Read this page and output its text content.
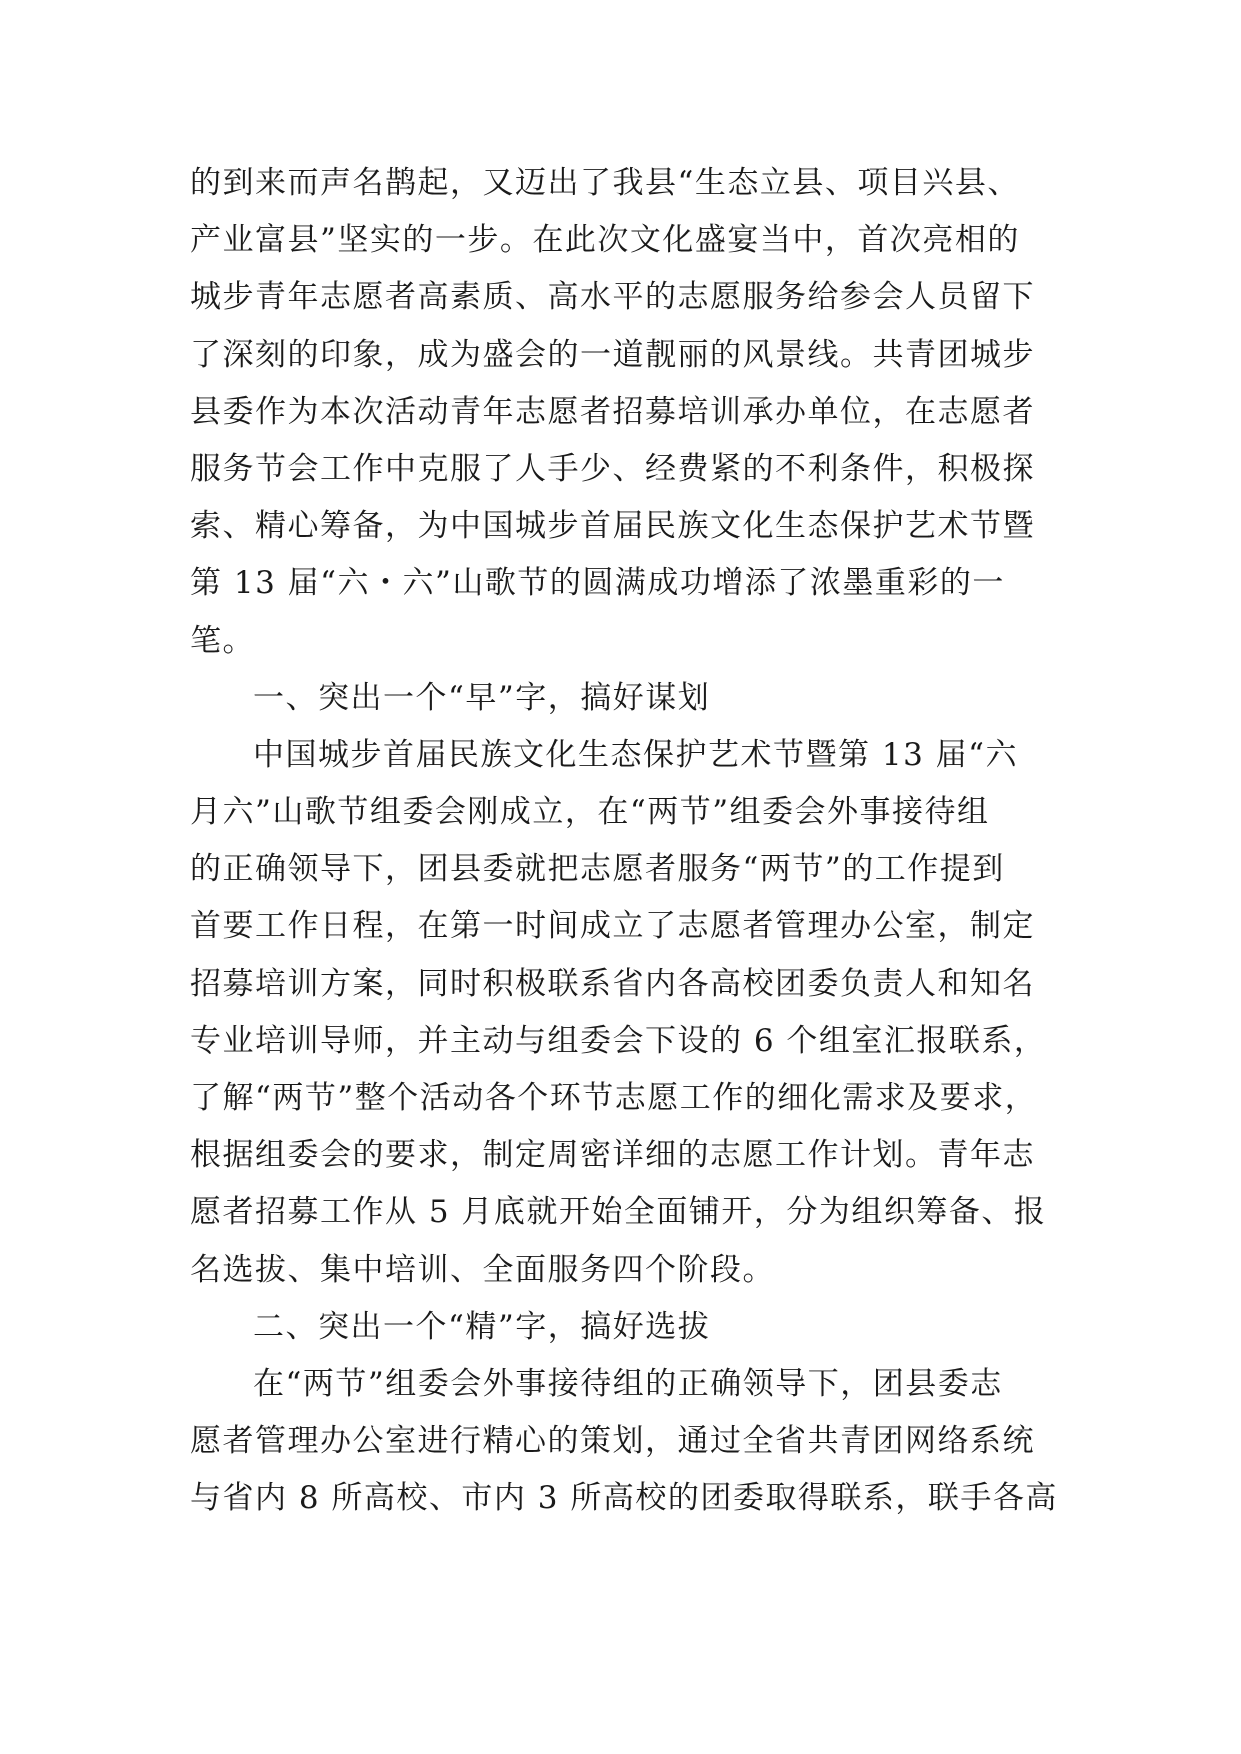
的到来而声名鹊起，又迈出了我县“生态立县、项目兴县、
产业富县”坚实的一步。在此次文化盛宴当中，首次亮相的
城步青年志愿者高素质、高水平的志愿服务给参会人员留下
了深刻的印象，成为盛会的一道靓丽的风景线。共青团城步
县委作为本次活动青年志愿者招募培训承办单位，在志愿者
服务节会工作中克服了人手少、经费紧的不利条件，积极探
索、精心筹备，为中国城步首届民族文化生态保护艺术节暨
第 13 届“六・六”山歌节的圆满成功增添了浓墨重彩的一
笔。
一、突出一个“早”字，搞好谋划
中国城步首届民族文化生态保护艺术节暨第 13 届“六
月六”山歌节组委会刚成立，在“两节”组委会外事接待组
的正确领导下，团县委就把志愿者服务“两节”的工作提到
首要工作日程，在第一时间成立了志愿者管理办公室，制定
招募培训方案，同时积极联系省内各高校团委负责人和知名
专业培训导师，并主动与组委会下设的 6 个组室汇报联系，
了解“两节”整个活动各个环节志愿工作的细化需求及要求，
根据组委会的要求，制定周密详细的志愿工作计划。青年志
愿者招募工作从 5 月底就开始全面铺开，分为组织筹备、报
名选拔、集中培训、全面服务四个阶段。
二、突出一个“精”字，搞好选拔
在“两节”组委会外事接待组的正确领导下，团县委志
愿者管理办公室进行精心的策划，通过全省共青团网络系统
与省内 8 所高校、市内 3 所高校的团委取得联系，联手各高
